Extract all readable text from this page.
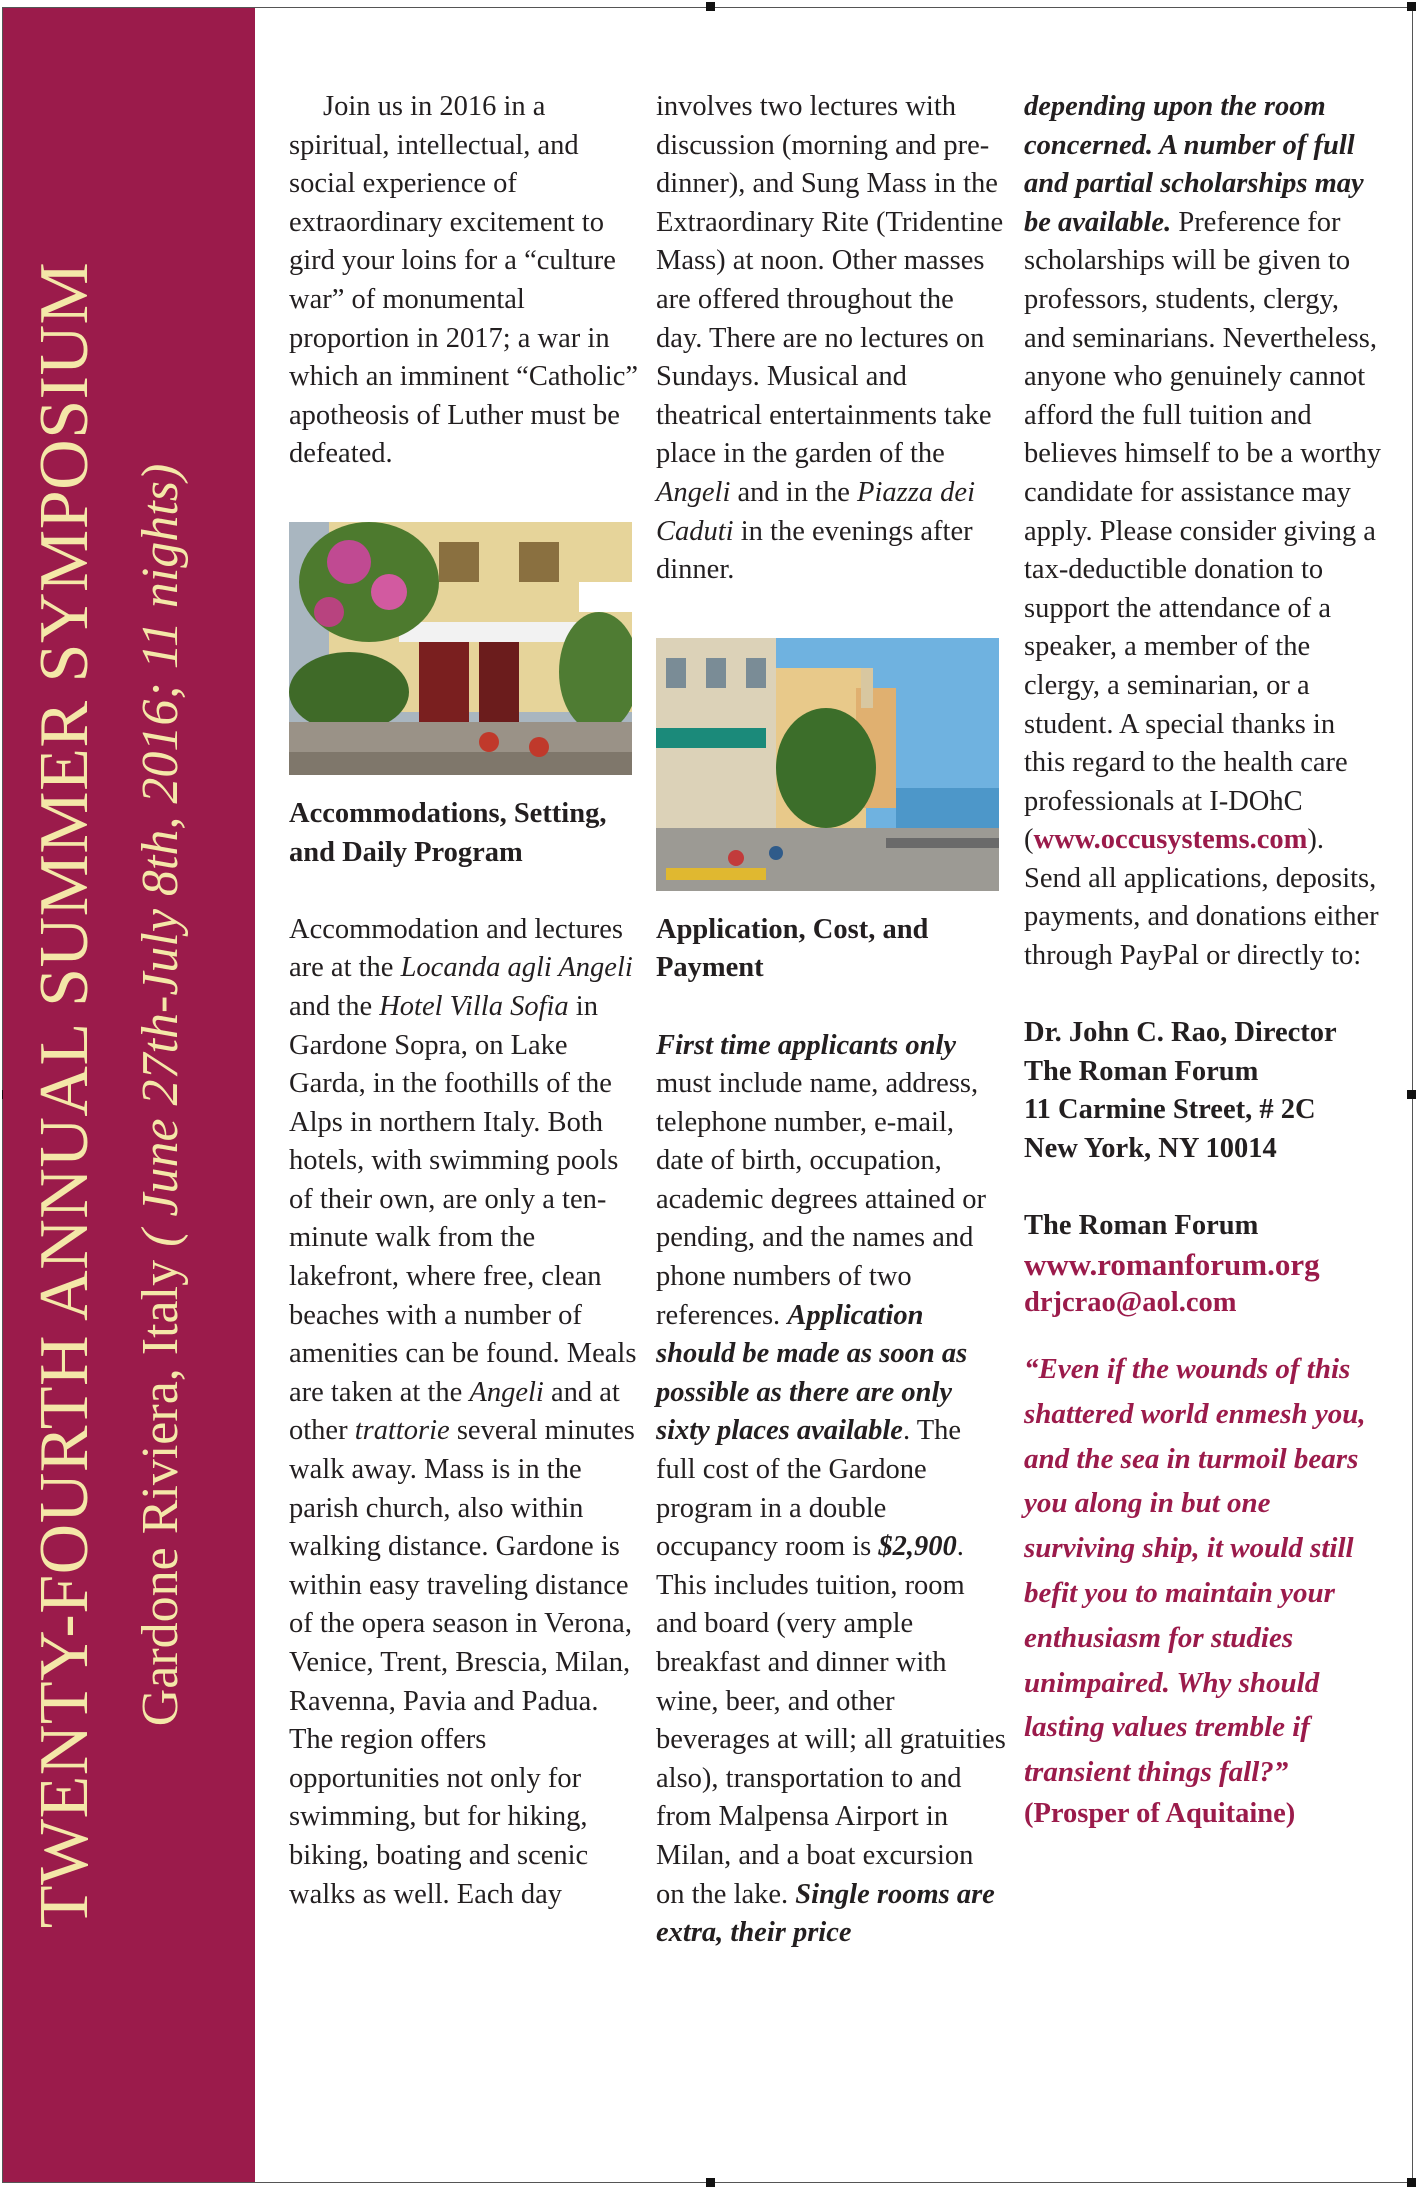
TWENTY-FOURTH ANNUAL SUMMER SYMPOSIUM Gardone Riviera, Italy ( June 27th-July 8th, 2016; 11 nights)

Join us in 2016 in a spiritual, intellectual, and social experience of extraordinary excitement to gird your loins for a “culture war” of monumental proportion in 2017; a war in which an imminent “Catholic” apotheosis of Luther must be defeated.

Accommodations, Setting, and Daily Program

Accommodation and lectures are at the Locanda agli Angeli and the Hotel Villa Sofia in Gardone Sopra, on Lake Garda, in the foothills of the Alps in northern Italy. Both hotels, with swimming pools of their own, are only a ten-minute walk from the lakefront, where free, clean beaches with a number of amenities can be found. Meals are taken at the Angeli and at other trattorie several minutes walk away. Mass is in the parish church, also within walking distance. Gardone is within easy traveling distance of the opera season in Verona, Venice, Trent, Brescia, Milan, Ravenna, Pavia and Padua. The region offers opportunities not only for swimming, but for hiking, biking, boating and scenic walks as well. Each day

involves two lectures with discussion (morning and pre-dinner), and Sung Mass in the Extraordinary Rite (Tridentine Mass) at noon. Other masses are offered throughout the day. There are no lectures on Sundays. Musical and theatrical entertainments take place in the garden of the Angeli and in the Piazza dei Caduti in the evenings after dinner.

Application, Cost, and Payment

First time applicants only must include name, address, telephone number, e-mail, date of birth, occupation, academic degrees attained or pending, and the names and phone numbers of two references. Application should be made as soon as possible as there are only sixty places available. The full cost of the Gardone program in a double occupancy room is $2,900. This includes tuition, room and board (very ample breakfast and dinner with wine, beer, and other beverages at will; all gratuities also), transportation to and from Malpensa Airport in Milan, and a boat excursion on the lake. Single rooms are extra, their price

depending upon the room concerned. A number of full and partial scholarships may be available. Preference for scholarships will be given to professors, students, clergy, and seminarians. Nevertheless, anyone who genuinely cannot afford the full tuition and believes himself to be a worthy candidate for assistance may apply. Please consider giving a tax-deductible donation to support the attendance of a speaker, a member of the clergy, a seminarian, or a student. A special thanks in this regard to the health care professionals at I-DOhC (www.occusystems.com). Send all applications, deposits, payments, and donations either through PayPal or directly to:

Dr. John C. Rao, Director

The Roman Forum

11 Carmine Street, # 2C

New York, NY 10014

The Roman Forum

www.romanforum.org

drjcrao@aol.com

“Even if the wounds of this shattered world enmesh you, and the sea in turmoil bears you along in but one surviving ship, it would still befit you to maintain your enthusiasm for studies unimpaired. Why should lasting values tremble if transient things fall?”

(Prosper of Aquitaine)
